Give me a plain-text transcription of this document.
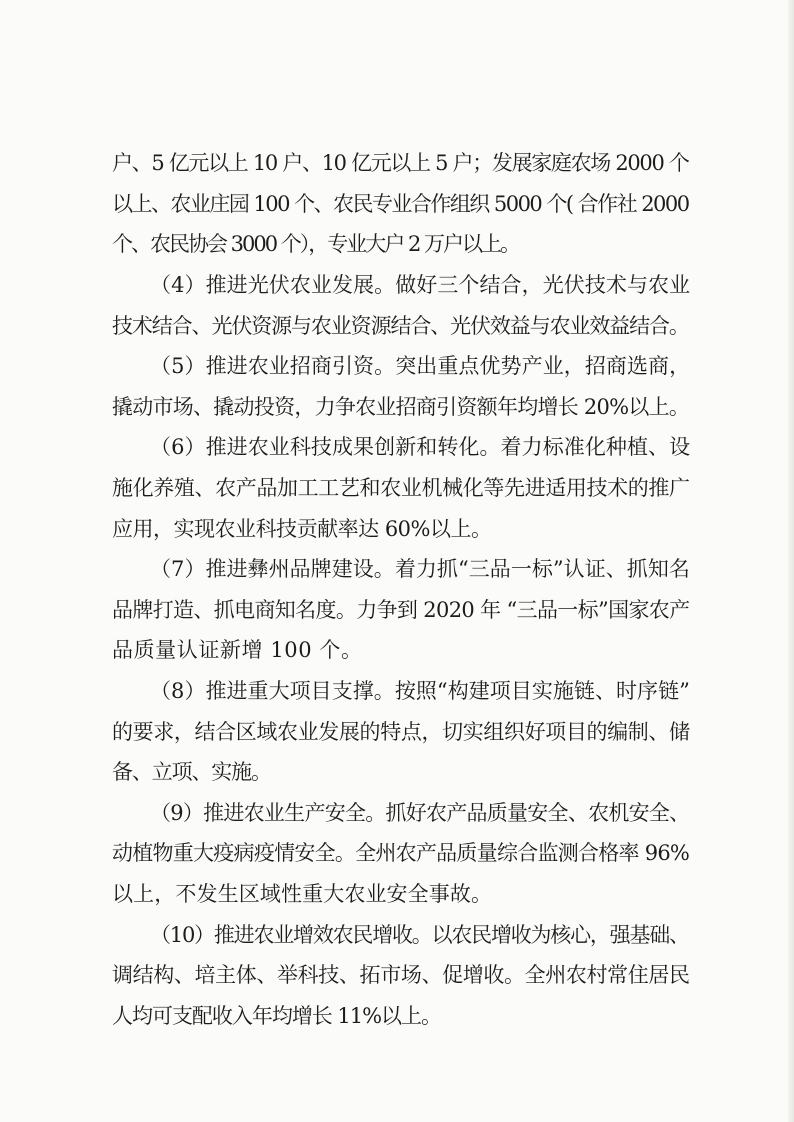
户、5 亿元以上 10 户、10 亿元以上 5 户；发展家庭农场 2000 个
以上、农业庄园 100 个、农民专业合作组织 5000 个( 合作社 2000
个、农民协会 3000 个），专业大户 2 万户以上。
（4）推进光伏农业发展。做好三个结合，光伏技术与农业
技术结合、光伏资源与农业资源结合、光伏效益与农业效益结合。
（5）推进农业招商引资。突出重点优势产业，招商选商，
撬动市场、撬动投资，力争农业招商引资额年均增长 20%以上。
（6）推进农业科技成果创新和转化。着力标准化种植、设
施化养殖、农产品加工工艺和农业机械化等先进适用技术的推广
应用，实现农业科技贡献率达 60%以上。
（7）推进彝州品牌建设。着力抓“三品一标”认证、抓知名
品牌打造、抓电商知名度。力争到 2020 年 “三品一标”国家农产
品质量认证新增 100 个。
（8）推进重大项目支撑。按照“构建项目实施链、时序链”
的要求，结合区域农业发展的特点，切实组织好项目的编制、储
备、立项、实施。
（9）推进农业生产安全。抓好农产品质量安全、农机安全、
动植物重大疫病疫情安全。全州农产品质量综合监测合格率 96%
以上，不发生区域性重大农业安全事故。
（10）推进农业增效农民增收。以农民增收为核心，强基础、
调结构、培主体、举科技、拓市场、促增收。全州农村常住居民
人均可支配收入年均增长 11%以上。
